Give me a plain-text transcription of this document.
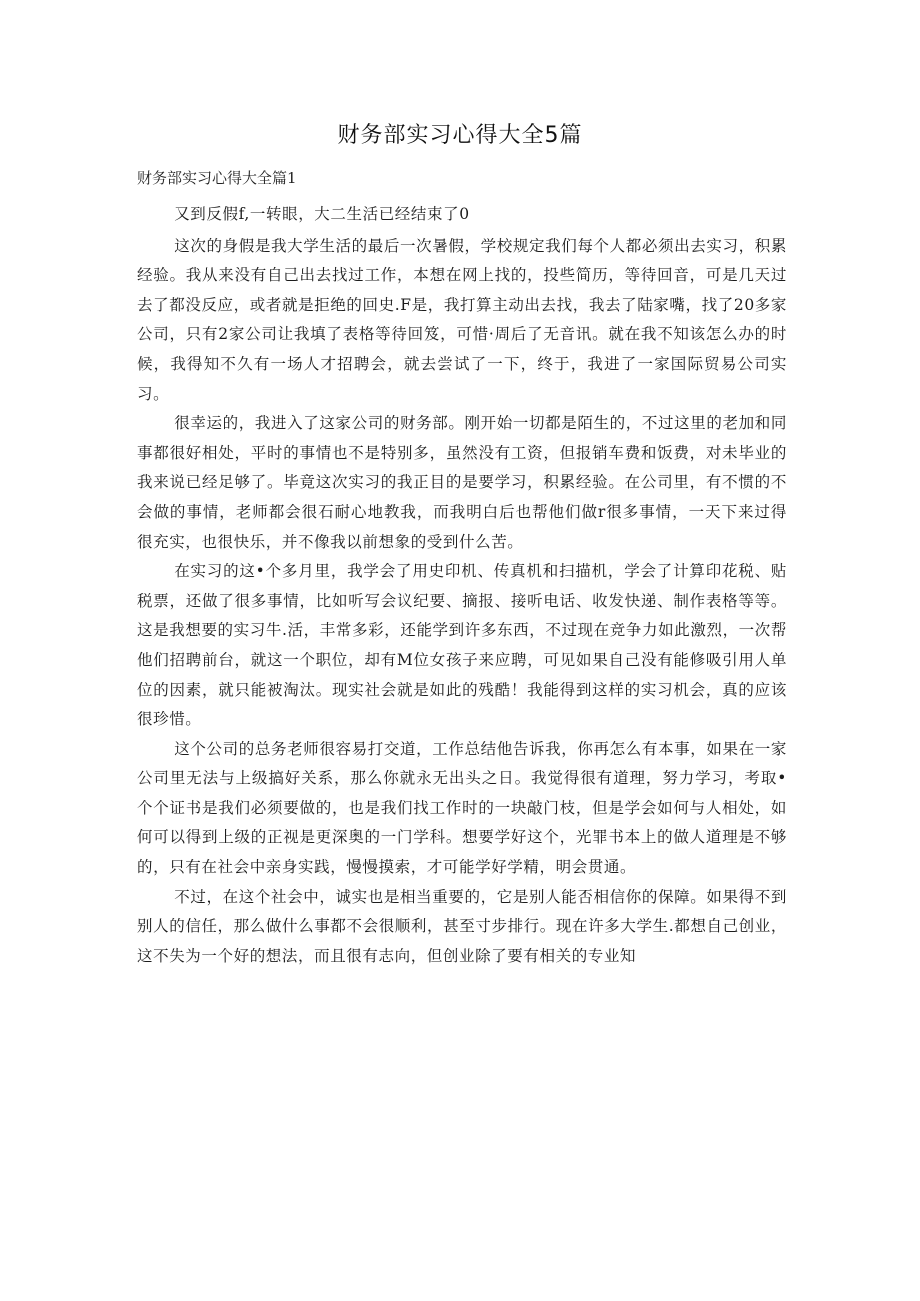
财务部实习心得大全5篇
财务部实习心得大全篇1

又到反假f,一转眼，大二生活已经结束了0

这次的身假是我大学生活的最后一次暑假，学校规定我们每个人都必须出去实习，积累经验。我从来没有自己出去找过工作，本想在网上找的，投些简历，等待回音，可是几天过去了都没反应，或者就是拒绝的回史.F是，我打算主动出去找，我去了陆家嘴，找了20多家公司，只有2家公司让我填了表格等待回笈，可惜·周后了无音讯。就在我不知该怎么办的时候，我得知不久有一场人才招聘会，就去尝试了一下，终于，我进了一家国际贸易公司实习。

很幸运的，我进入了这家公司的财务部。刚开始一切都是陌生的，不过这里的老加和同事都很好相处，平时的事情也不是特别多，虽然没有工资，但报销车费和饭费，对未毕业的我来说已经足够了。毕竟这次实习的我正目的是要学习，积累经验。在公司里，有不惯的不会做的事情，老师都会很石耐心地教我，而我明白后也帮他们做r很多事情，一天下来过得很充实，也很快乐，并不像我以前想象的受到什么苦。

在实习的这•个多月里，我学会了用史印机、传真机和扫描机，学会了计算印花税、贴税票，还做了很多事情，比如听写会议纪要、摘报、接听电话、收发快递、制作表格等等。这是我想要的实习牛.活，丰常多彩，还能学到许多东西，不过现在竞争力如此激烈，一次帮他们招聘前台，就这一个职位，却有M位女孩子来应聘，可见如果自己没有能修吸引用人单位的因素，就只能被淘汰。现实社会就是如此的残酷！我能得到这样的实习机会，真的应该很珍惜。

这个公司的总务老师很容易打交道，工作总结他告诉我，你再怎么有本事，如果在一家公司里无法与上级搞好关系，那么你就永无出头之日。我觉得很有道理，努力学习，考取•个个证书是我们必须要做的，也是我们找工作时的一块敲门枝，但是学会如何与人相处，如何可以得到上级的正视是更深奥的一门学科。想要学好这个，光罪书本上的做人道理是不够的，只有在社会中亲身实践，慢慢摸索，才可能学好学精，明会贯通。

不过，在这个社会中，诚实也是相当重要的，它是别人能否相信你的保障。如果得不到别人的信任，那么做什么事都不会很顺利，甚至寸步排行。现在许多大学生.都想自己创业，这不失为一个好的想法，而且很有志向，但创业除了要有相关的专业知
